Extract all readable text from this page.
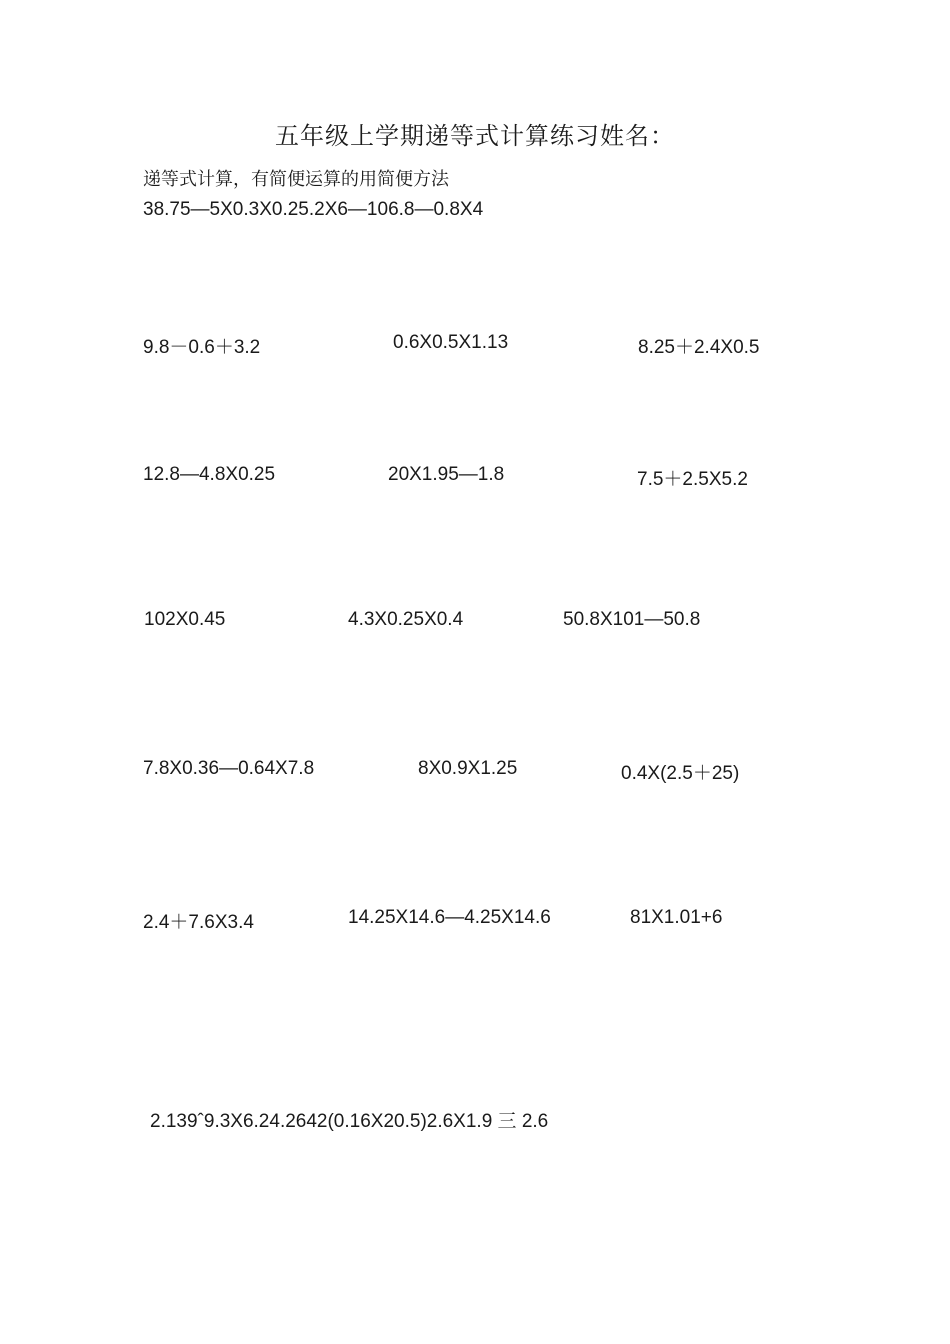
五年级上学期递等式计算练习姓名：
递等式计算，有简便运算的用简便方法
38.75—5X0.3X0.25.2X6—106.8—0.8X4
9.8－0.6＋3.2	0.6X0.5X1.13	8.25＋2.4X0.5
12.8—4.8X0.25	20X1.95—1.8	7.5＋2.5X5.2
102X0.45	4.3X0.25X0.4	50.8X101—50.8
7.8X0.36—0.64X7.8	8X0.9X1.25	0.4X(2.5＋25)
2.4＋7.6X3.4	14.25X14.6—4.25X14.6	81X1.01+6
2.139ˆ9.3X6.24.2642(0.16X20.5)2.6X1.9 三 2.6
